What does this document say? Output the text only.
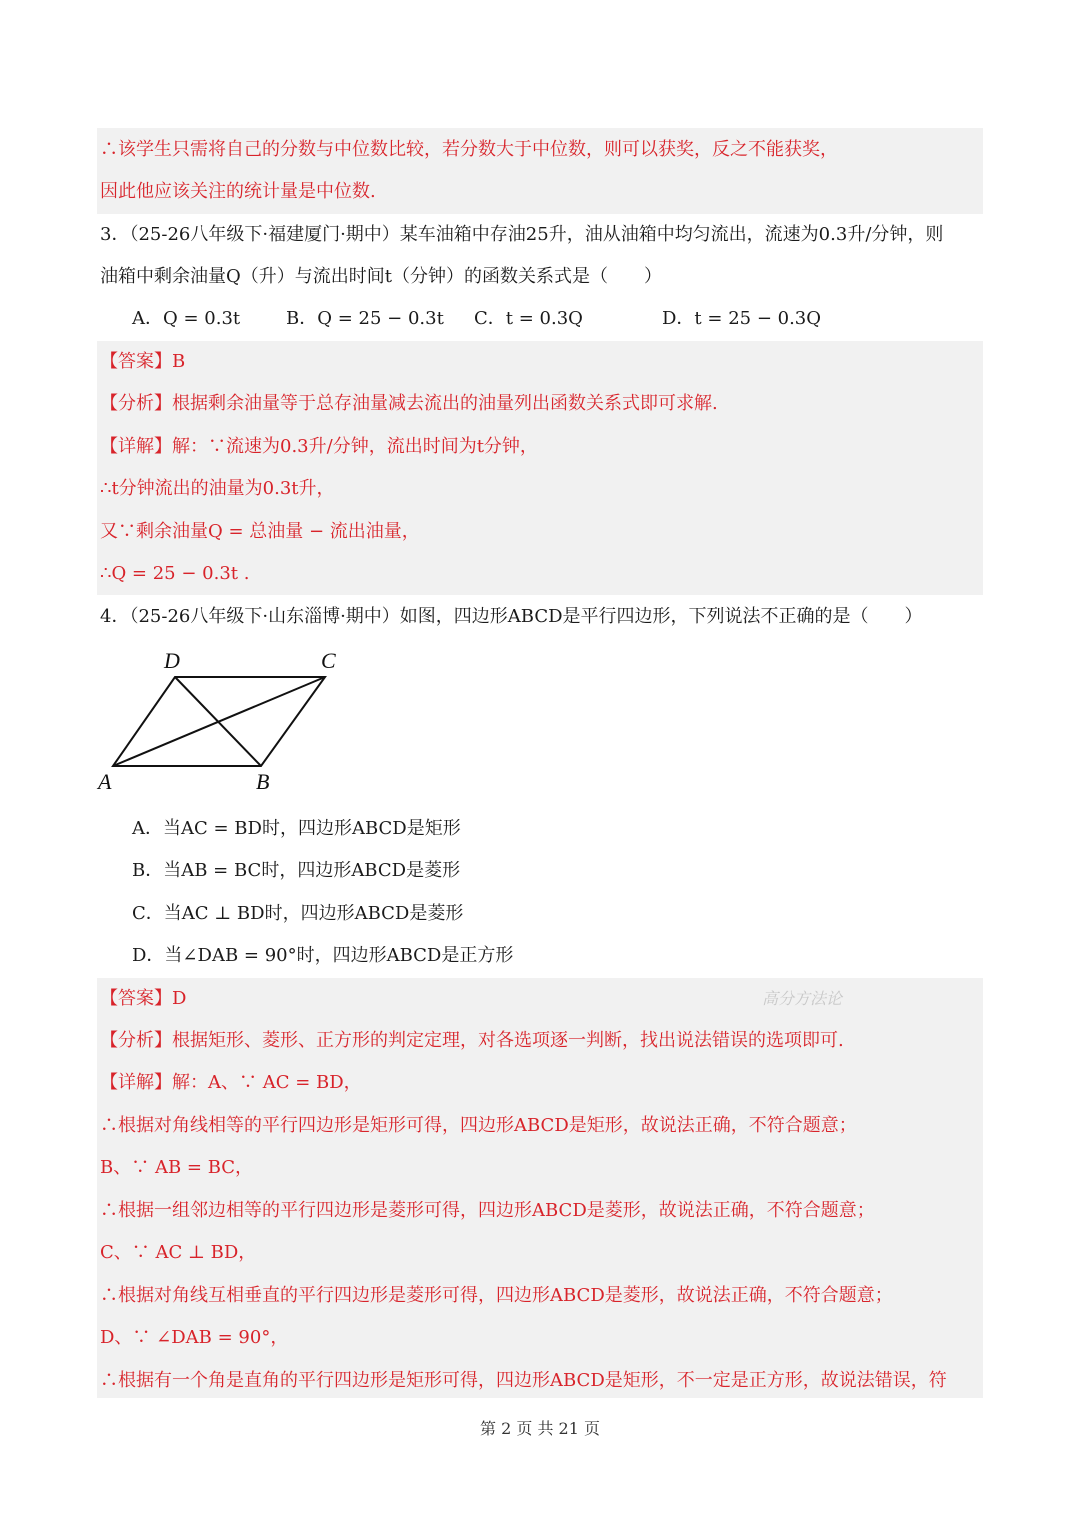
∴该学生只需将自己的分数与中位数比较，若分数大于中位数，则可以获奖，反之不能获奖，
因此他应该关注的统计量是中位数.
3．（25-26八年级下·福建厦门·期中）某车油箱中存油25升，油从油箱中均匀流出，流速为0.3升/分钟，则
油箱中剩余油量Q（升）与流出时间t（分钟）的函数关系式是（　　）
A．Q = 0.3t	B．Q = 25 − 0.3t C．t = 0.3Q	D．t = 25 − 0.3Q
【答案】B
【分析】根据剩余油量等于总存油量减去流出的油量列出函数关系式即可求解.
【详解】解：∵流速为0.3升/分钟，流出时间为t分钟，
∴t分钟流出的油量为0.3t升，
又∵剩余油量Q = 总油量 − 流出油量，
∴Q = 25 − 0.3t .
4．（25-26八年级下·山东淄博·期中）如图，四边形ABCD是平行四边形，下列说法不正确的是（　　）
A	B
C
D
A．当AC = BD时，四边形ABCD是矩形
B．当AB = BC时，四边形ABCD是菱形
C．当AC ⊥ BD时，四边形ABCD是菱形
D．当∠DAB = 90°时，四边形ABCD是正方形
高分方法论
【答案】D
【分析】根据矩形、菱形、正方形的判定定理，对各选项逐一判断，找出说法错误的选项即可.
【详解】解：A、∵ AC = BD，
∴根据对角线相等的平行四边形是矩形可得，四边形ABCD是矩形，故说法正确，不符合题意；
B、∵ AB = BC，
∴根据一组邻边相等的平行四边形是菱形可得，四边形ABCD是菱形，故说法正确，不符合题意；
C、∵ AC ⊥ BD，
∴根据对角线互相垂直的平行四边形是菱形可得，四边形ABCD是菱形，故说法正确，不符合题意；
D、∵ ∠DAB = 90°，
∴根据有一个角是直角的平行四边形是矩形可得，四边形ABCD是矩形，不一定是正方形，故说法错误，符
第 2 页 共 21 页
